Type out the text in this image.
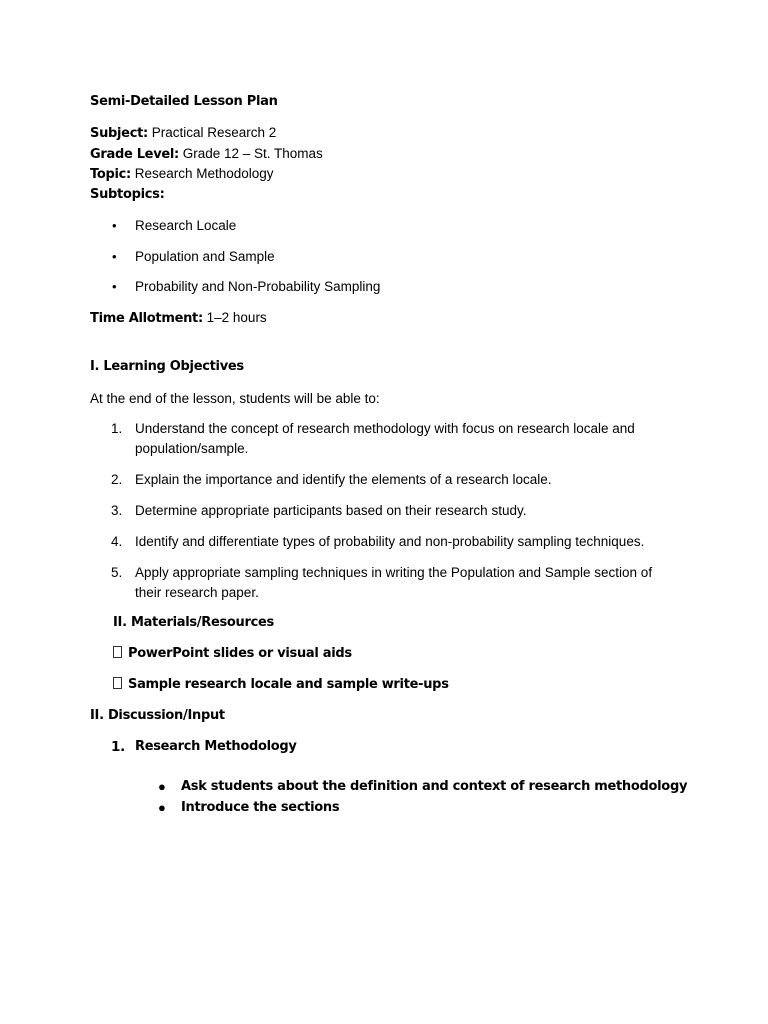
Semi-Detailed Lesson Plan
Subject: Practical Research 2
Grade Level: Grade 12 – St. Thomas
Topic: Research Methodology
Subtopics:
• Research Locale
• Population and Sample
• Probability and Non-Probability Sampling
Time Allotment: 1–2 hours
I. Learning Objectives
At the end of the lesson, students will be able to:
1. Understand the concept of research methodology with focus on research locale and population/sample.
2. Explain the importance and identify the elements of a research locale.
3. Determine appropriate participants based on their research study.
4. Identify and differentiate types of probability and non-probability sampling techniques.
5. Apply appropriate sampling techniques in writing the Population and Sample section of their research paper.
II. Materials/Resources
PowerPoint slides or visual aids
Sample research locale and sample write-ups
II. Discussion/Input
1. Research Methodology
● Ask students about the definition and context of research methodology
● Introduce the sections
